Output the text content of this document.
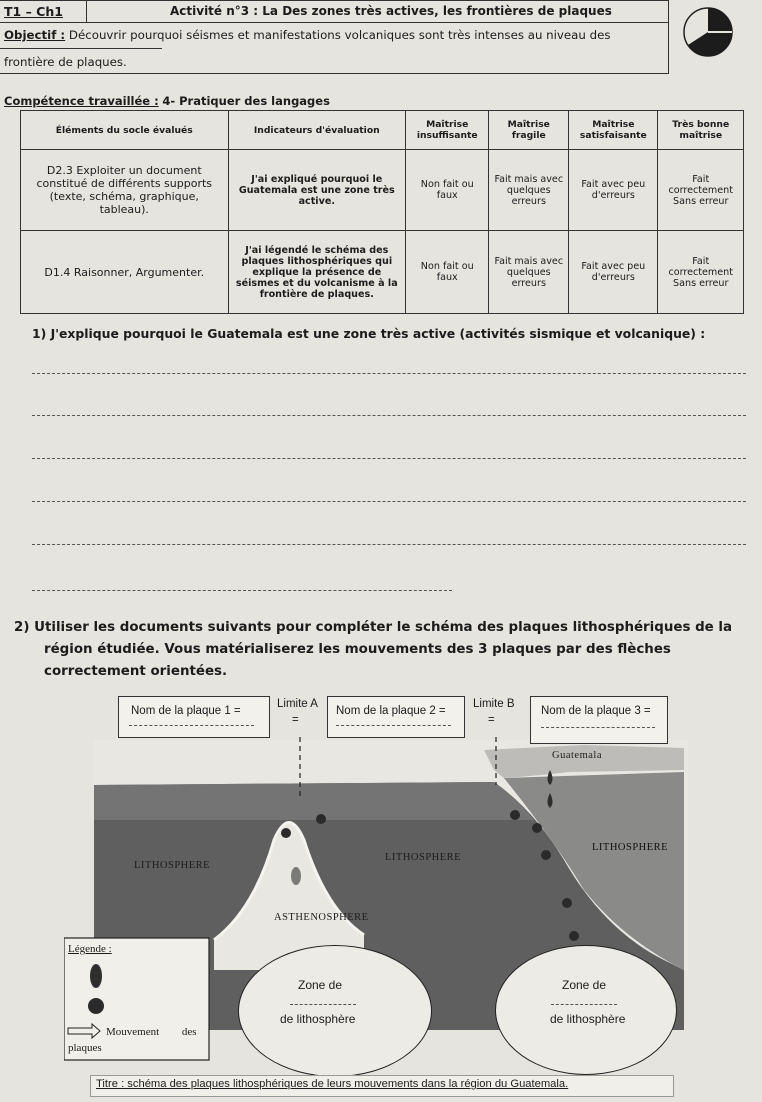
T1 – Ch1	Activité n°3 : La Des zones très actives, les frontières de plaques
Objectif : Découvrir pourquoi séismes et manifestations volcaniques sont très intenses au niveau des
frontière de plaques.
Compétence travaillée : 4- Pratiquer des langages
Éléments du socle évalués	Indicateurs d'évaluation	Maîtrise insuffisante	Maîtrise fragile	Maîtrise satisfaisante	Très bonne maîtrise
D2.3 Exploiter un document constitué de différents supports (texte, schéma, graphique, tableau).	J'ai expliqué pourquoi le Guatemala est une zone très active.	Non fait ou faux	Fait mais avec quelques erreurs	Fait avec peu d'erreurs	Fait correctement Sans erreur
D1.4 Raisonner, Argumenter.	J'ai légendé le schéma des plaques lithosphériques qui explique la présence de séismes et du volcanisme à la frontière de plaques.	Non fait ou faux	Fait mais avec quelques erreurs	Fait avec peu d'erreurs	Fait correctement Sans erreur
1) J'explique pourquoi le Guatemala est une zone très active (activités sismique et volcanique) :
2) Utiliser les documents suivants pour compléter le schéma des plaques lithosphériques de la
région étudiée. Vous matérialiserez les mouvements des 3 plaques par des flèches
correctement orientées.
Nom de la plaque 1 =
Limite A
=
Nom de la plaque 2 =
Limite B
=
Nom de la plaque 3 =
Guatemala
LITHOSPHERE
LITHOSPHERE
LITHOSPHERE
ASTHENOSPHERE
Zone de
de lithosphère
Zone de
de lithosphère
Légende :
Mouvement des
plaques
Titre : schéma des plaques lithosphériques de leurs mouvements dans la région du Guatemala.
